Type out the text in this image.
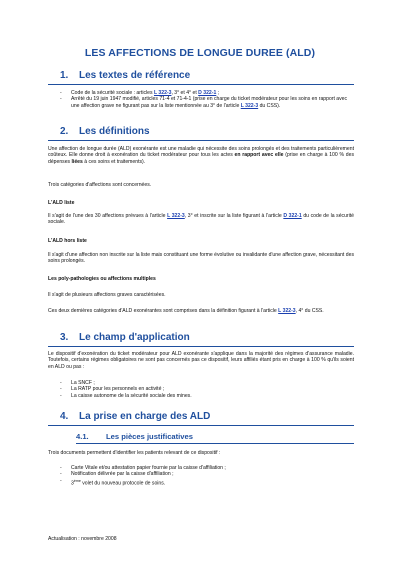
LES AFFECTIONS DE LONGUE DUREE (ALD)
1.	Les textes de référence
- Code de la sécurité sociale : articles L 322-3, 3° et 4° et D 322-1 ;
- Arrêté du 19 juin 1947 modifié, articles 71-4 et 71-4-1 (prise en charge du ticket modérateur pour les soins en rapport avec une affection grave ne figurant pas sur la liste mentionnée au 3° de l'article L 322-3 du CSS).
2.	Les définitions
Une affection de longue durée (ALD) exonérante est une maladie qui nécessite des soins prolongés et des traitements particulièrement coûteux. Elle donne droit à exonération du ticket modérateur pour tous les actes en rapport avec elle (prise en charge à 100 % des dépenses liées à ces soins et traitements).
Trois catégories d'affections sont concernées.
L'ALD liste
Il s'agit de l'une des 30 affections prévues à l'article L 322-3, 3° et inscrite sur la liste figurant à l'article D 322-1 du code de la sécurité sociale.
L'ALD hors liste
Il s'agit d'une affection non inscrite sur la liste mais constituant une forme évolutive ou invalidante d'une affection grave, nécessitant des soins prolongés.
Les poly-pathologies ou affections multiples
Il s'agit de plusieurs affections graves caractérisées.
Ces deux dernières catégories d'ALD exonérantes sont comprises dans la définition figurant à l'article L 322-3, 4° du CSS.
3.	Le champ d'application
Le dispositif d'exonération du ticket modérateur pour ALD exonérante s'applique dans la majorité des régimes d'assurance maladie. Toutefois, certains régimes obligatoires ne sont pas concernés pas ce dispositif, leurs affiliés étant pris en charge à 100 % qu'ils soient en ALD ou pas :
- La SNCF ;
- La RATP pour les personnels en activité ;
- La caisse autonome de la sécurité sociale des mines.
4.	La prise en charge des ALD
4.1.	Les pièces justificatives
Trois documents permettent d'identifier les patients relevant de ce dispositif :
- Carte Vitale et/ou attestation papier fournie par la caisse d'affiliation ;
- Notification délivrée par la caisse d'affiliation ;
- 3ème volet du nouveau protocole de soins.
Actualisation : novembre 2008
